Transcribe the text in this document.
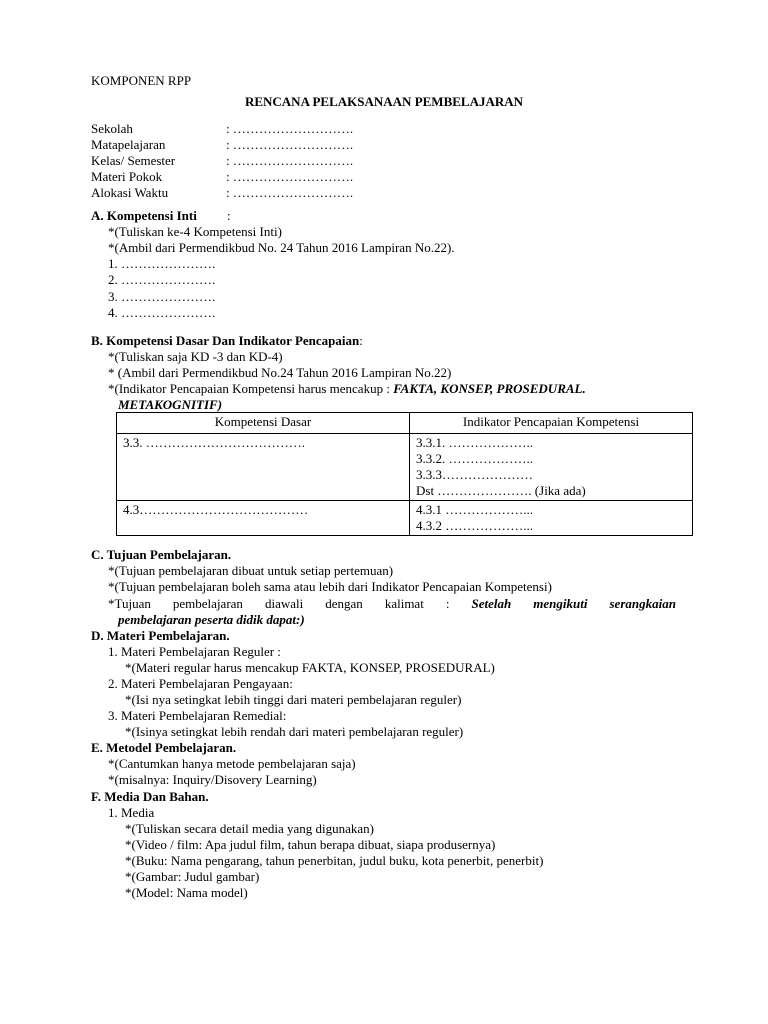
KOMPONEN RPP
RENCANA PELAKSANAAN PEMBELAJARAN
Sekolah	: ……………………….
Matapelajaran	: ……………………….
Kelas/ Semester	: ……………………….
Materi Pokok	: ……………………….
Alokasi Waktu	: ……………………….
A. Kompetensi Inti :
*(Tuliskan ke-4 Kompetensi Inti)
*(Ambil dari Permendikbud No. 24 Tahun 2016 Lampiran No.22).
1. ………………….
2. ………………….
3. ………………….
4. ………………….
B. Kompetensi Dasar Dan Indikator Pencapaian:
*(Tuliskan saja KD -3 dan KD-4)
* (Ambil dari Permendikbud No.24 Tahun 2016 Lampiran No.22)
*(Indikator Pencapaian Kompetensi harus mencakup : FAKTA, KONSEP, PROSEDURAL.
METAKOGNITIF)
Kompetensi Dasar	Indikator Pencapaian Kompetensi
3.3. ……………………………….	3.3.1. ………………..
3.3.2. ………………..
3.3.3…………………
Dst …………………. (Jika ada)

4.3…………………………………	4.3.1 ………………...
4.3.2 ………………...
C. Tujuan Pembelajaran.
*(Tujuan pembelajaran dibuat untuk setiap pertemuan)
*(Tujuan pembelajaran boleh sama atau lebih dari Indikator Pencapaian Kompetensi)
*Tujuan pembelajaran diawali dengan kalimat : Setelah mengikuti serangkaian
pembelajaran peserta didik dapat:)
D. Materi Pembelajaran.
1. Materi Pembelajaran Reguler :
*(Materi regular harus mencakup FAKTA, KONSEP, PROSEDURAL)
2. Materi Pembelajaran Pengayaan:
*(Isi nya setingkat lebih tinggi dari materi pembelajaran reguler)
3. Materi Pembelajaran Remedial:
*(Isinya setingkat lebih rendah dari materi pembelajaran reguler)
E. Metodel Pembelajaran.
*(Cantumkan hanya metode pembelajaran saja)
*(misalnya: Inquiry/Disovery Learning)
F. Media Dan Bahan.
1. Media
*(Tuliskan secara detail media yang digunakan)
*(Video / film: Apa judul film, tahun berapa dibuat, siapa produsernya)
*(Buku: Nama pengarang, tahun penerbitan, judul buku, kota penerbit, penerbit)
*(Gambar: Judul gambar)
*(Model: Nama model)
